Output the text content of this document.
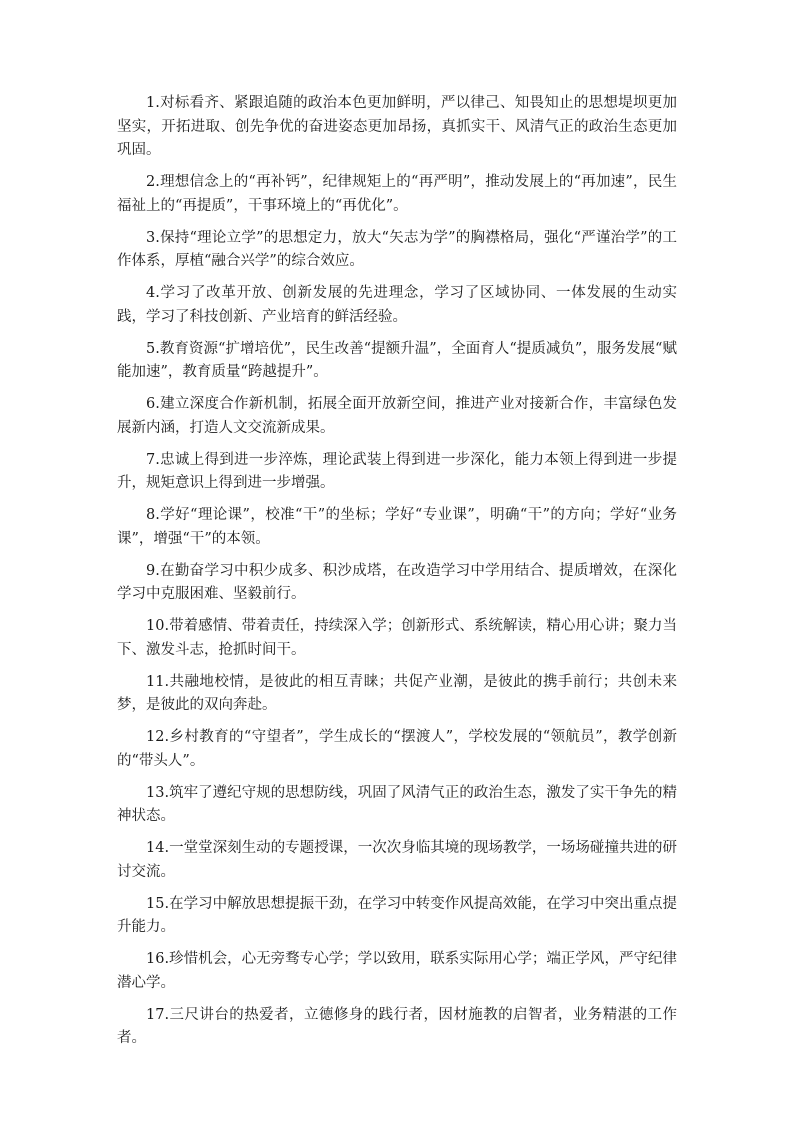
1.对标看齐、紧跟追随的政治本色更加鲜明，严以律己、知畏知止的思想堤坝更加坚实，开拓进取、创先争优的奋进姿态更加昂扬，真抓实干、风清气正的政治生态更加巩固。

2.理想信念上的“再补钙”，纪律规矩上的“再严明”，推动发展上的“再加速”，民生福祉上的“再提质”，干事环境上的“再优化”。

3.保持“理论立学”的思想定力，放大“矢志为学”的胸襟格局，强化“严谨治学”的工作体系，厚植“融合兴学”的综合效应。

4.学习了改革开放、创新发展的先进理念，学习了区域协同、一体发展的生动实践，学习了科技创新、产业培育的鲜活经验。

5.教育资源“扩增培优”，民生改善“提额升温”，全面育人“提质减负”，服务发展“赋能加速”，教育质量“跨越提升”。

6.建立深度合作新机制，拓展全面开放新空间，推进产业对接新合作，丰富绿色发展新内涵，打造人文交流新成果。

7.忠诚上得到进一步淬炼，理论武装上得到进一步深化，能力本领上得到进一步提升，规矩意识上得到进一步增强。

8.学好“理论课”，校准“干”的坐标；学好“专业课”，明确“干”的方向；学好“业务课”，增强“干”的本领。

9.在勤奋学习中积少成多、积沙成塔，在改造学习中学用结合、提质增效，在深化学习中克服困难、坚毅前行。

10.带着感情、带着责任，持续深入学；创新形式、系统解读，精心用心讲；聚力当下、激发斗志，抢抓时间干。

11.共融地校情，是彼此的相互青睐；共促产业潮，是彼此的携手前行；共创未来梦，是彼此的双向奔赴。

12.乡村教育的“守望者”，学生成长的“摆渡人”，学校发展的“领航员”，教学创新的“带头人”。

13.筑牢了遵纪守规的思想防线，巩固了风清气正的政治生态，激发了实干争先的精神状态。

14.一堂堂深刻生动的专题授课，一次次身临其境的现场教学，一场场碰撞共进的研讨交流。

15.在学习中解放思想提振干劲，在学习中转变作风提高效能，在学习中突出重点提升能力。

16.珍惜机会，心无旁骛专心学；学以致用，联系实际用心学；端正学风，严守纪律潜心学。

17.三尺讲台的热爱者，立德修身的践行者，因材施教的启智者，业务精湛的工作者。
